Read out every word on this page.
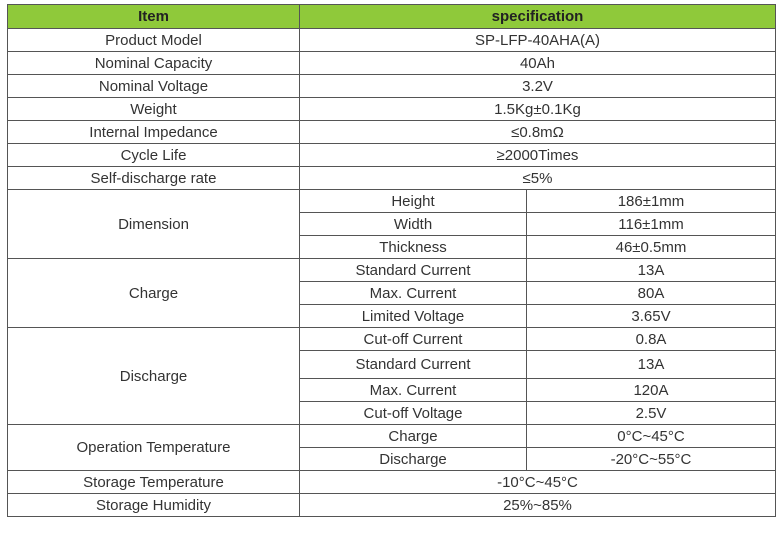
Item	specification	
Product Model	SP-LFP-40AHA(A)	
Nominal Capacity	40Ah	
Nominal Voltage	3.2V	
Weight	1.5Kg±0.1Kg	
Internal Impedance	≤0.8mΩ	
Cycle Life	≥2000Times	
Self-discharge rate	≤5%	
Dimension	Height	186±1mm
	Width	116±1mm
	Thickness	46±0.5mm
Charge	Standard Current	13A
	Max. Current	80A
	Limited Voltage	3.65V
Discharge	Cut-off Current	0.8A
	Standard Current	13A
	Max. Current	120A
	Cut-off Voltage	2.5V
Operation Temperature	Charge	0°C~45°C
	Discharge	-20°C~55°C
Storage Temperature	-10°C~45°C	
Storage Humidity	25%~85%	
